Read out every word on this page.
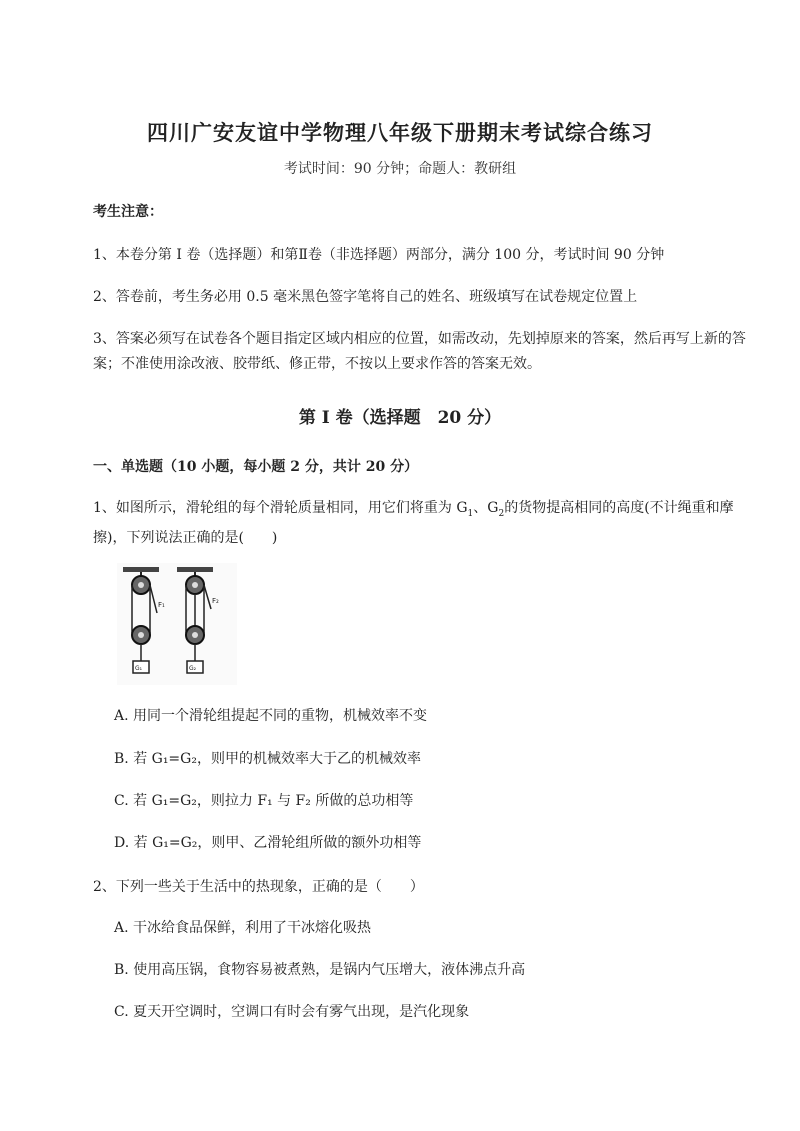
四川广安友谊中学物理八年级下册期末考试综合练习
考试时间：90 分钟；命题人：教研组
考生注意：
1、本卷分第 I 卷（选择题）和第Ⅱ卷（非选择题）两部分，满分 100 分，考试时间 90 分钟
2、答卷前，考生务必用 0.5 毫米黑色签字笔将自己的姓名、班级填写在试卷规定位置上
3、答案必须写在试卷各个题目指定区域内相应的位置，如需改动，先划掉原来的答案，然后再写上新的答案；不准使用涂改液、胶带纸、修正带，不按以上要求作答的答案无效。
第 I 卷（选择题　20 分）
一、单选题（10 小题，每小题 2 分，共计 20 分）
1、如图所示，滑轮组的每个滑轮质量相同，用它们将重为 $G_1$、$G_2$的货物提高相同的高度(不计绳重和摩擦)，下列说法正确的是(　　)
F₁
G₁
F₂
G₂
A. 用同一个滑轮组提起不同的重物，机械效率不变
B. 若 G₁=G₂，则甲的机械效率大于乙的机械效率
C. 若 G₁=G₂，则拉力 F₁ 与 F₂ 所做的总功相等
D. 若 G₁=G₂，则甲、乙滑轮组所做的额外功相等
2、下列一些关于生活中的热现象，正确的是（　　）
A. 干冰给食品保鲜，利用了干冰熔化吸热
B. 使用高压锅，食物容易被煮熟，是锅内气压增大，液体沸点升高
C. 夏天开空调时，空调口有时会有雾气出现，是汽化现象
